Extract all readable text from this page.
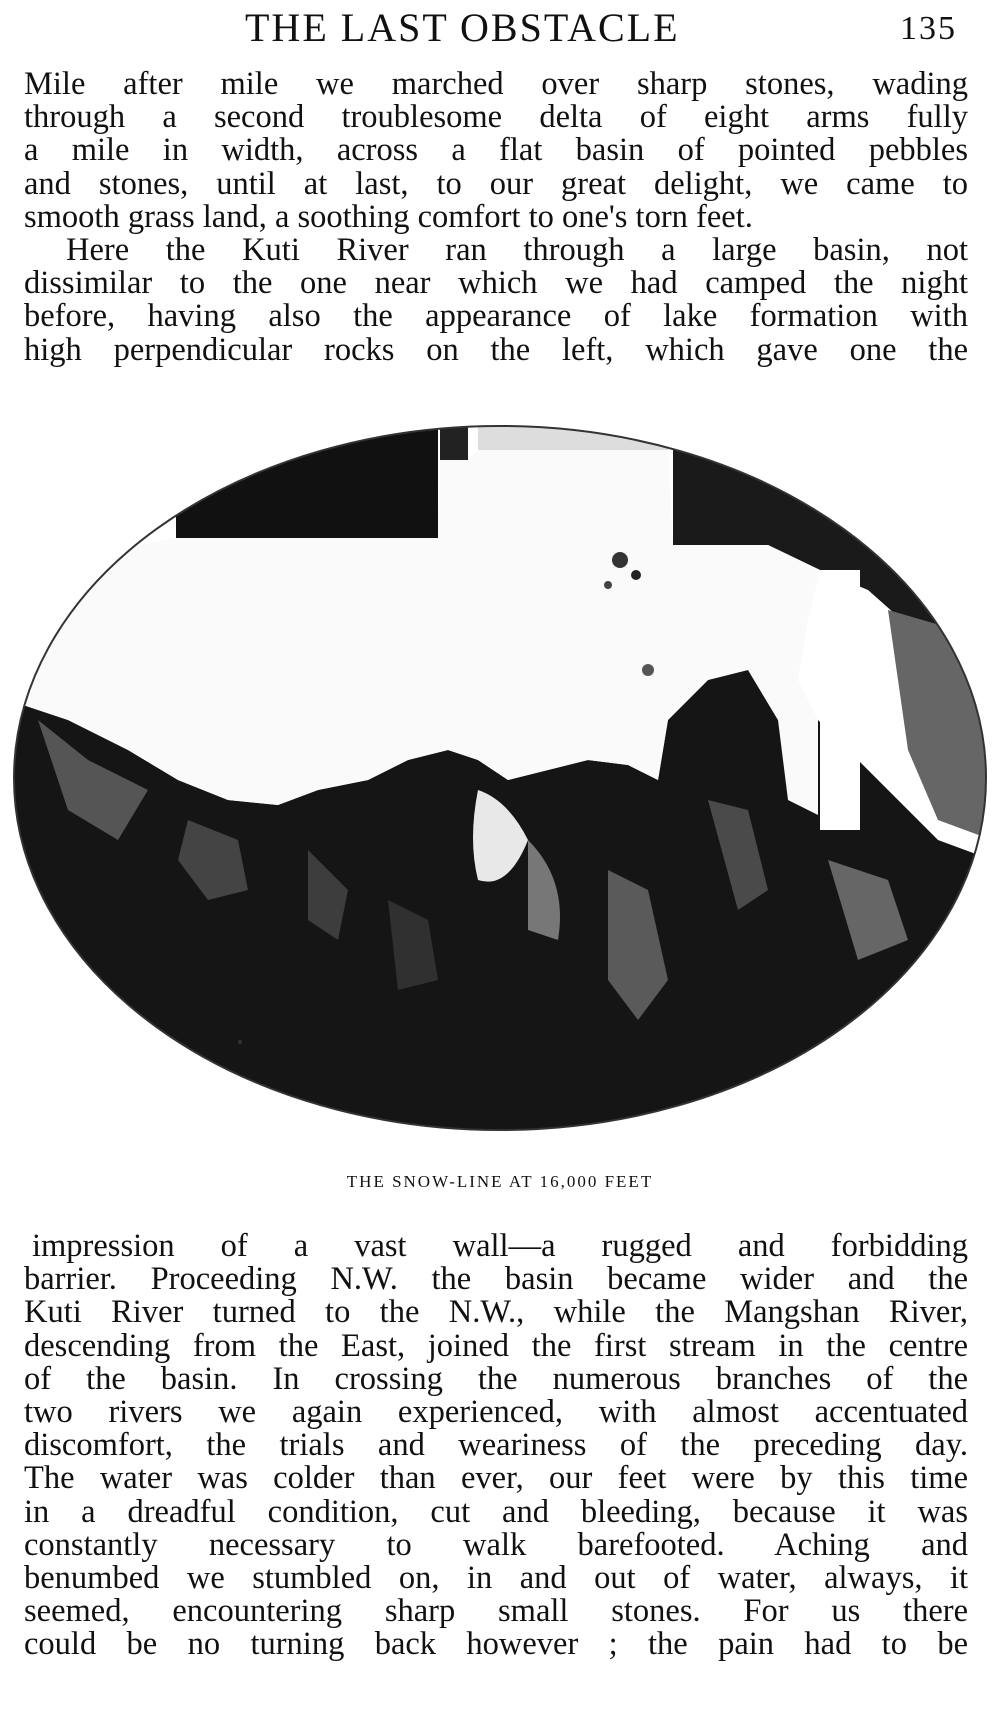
THE LAST OBSTACLE	135
Mile after mile we marched over sharp stones, wading
through a second troublesome delta of eight arms fully
a mile in width, across a flat basin of pointed pebbles
and stones, until at last, to our great delight, we came to
smooth grass land, a soothing comfort to one's torn feet.
Here the Kuti River ran through a large basin, not
dissimilar to the one near which we had camped the night
before, having also the appearance of lake formation with
high perpendicular rocks on the left, which gave one the
THE SNOW-LINE AT 16,000 FEET
impression of a vast wall—a rugged and forbidding
barrier. Proceeding N.W. the basin became wider and the
Kuti River turned to the N.W., while the Mangshan River,
descending from the East, joined the first stream in the centre
of the basin. In crossing the numerous branches of the
two rivers we again experienced, with almost accentuated
discomfort, the trials and weariness of the preceding day.
The water was colder than ever, our feet were by this time
in a dreadful condition, cut and bleeding, because it was
constantly necessary to walk barefooted. Aching and
benumbed we stumbled on, in and out of water, always, it
seemed, encountering sharp small stones. For us there
could be no turning back however ; the pain had to be
